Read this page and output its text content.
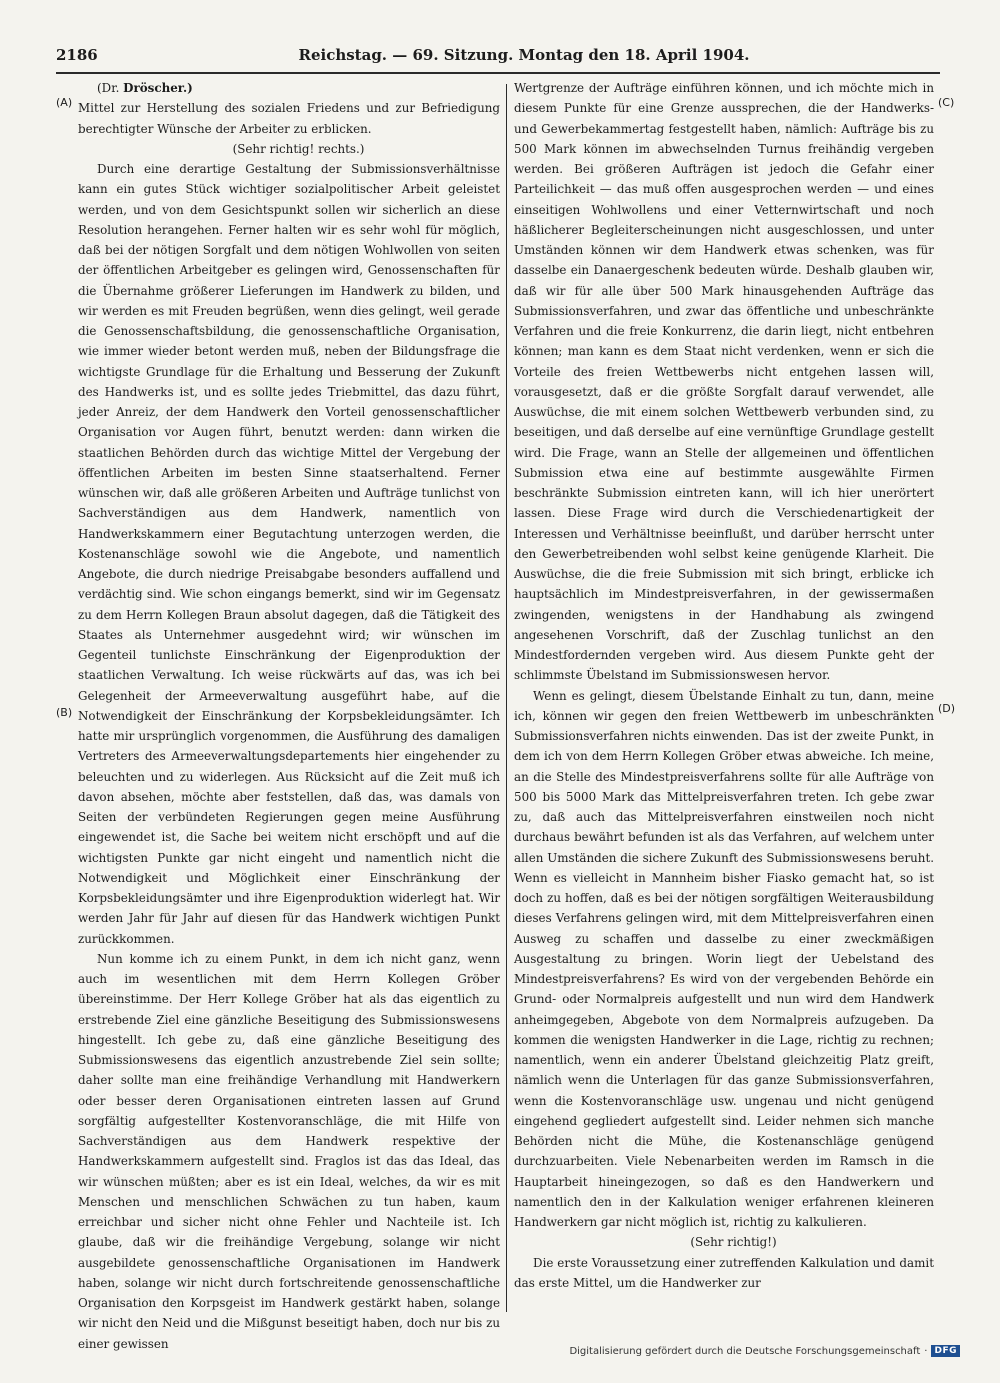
2186	Reichstag. — 69. Sitzung. Montag den 18. April 1904.
(A)
(B)
(C)
(D)

(Dr. Dröscher.)

Mittel zur Herstellung des sozialen Friedens und zur Befriedigung berechtigter Wünsche der Arbeiter zu erblicken.

(Sehr richtig! rechts.)

Durch eine derartige Gestaltung der Submissionsverhältnisse kann ein gutes Stück wichtiger sozialpolitischer Arbeit geleistet werden, und von dem Gesichtspunkt sollen wir sicherlich an diese Resolution herangehen. Ferner halten wir es sehr wohl für möglich, daß bei der nötigen Sorgfalt und dem nötigen Wohlwollen von seiten der öffentlichen Arbeitgeber es gelingen wird, Genossenschaften für die Übernahme größerer Lieferungen im Handwerk zu bilden, und wir werden es mit Freuden begrüßen, wenn dies gelingt, weil gerade die Genossenschaftsbildung, die genossenschaftliche Organisation, wie immer wieder betont werden muß, neben der Bildungsfrage die wichtigste Grundlage für die Erhaltung und Besserung der Zukunft des Handwerks ist, und es sollte jedes Triebmittel, das dazu führt, jeder Anreiz, der dem Handwerk den Vorteil genossenschaftlicher Organisation vor Augen führt, benutzt werden: dann wirken die staatlichen Behörden durch das wichtige Mittel der Vergebung der öffentlichen Arbeiten im besten Sinne staatserhaltend. Ferner wünschen wir, daß alle größeren Arbeiten und Aufträge tunlichst von Sachverständigen aus dem Handwerk, namentlich von Handwerkskammern einer Begutachtung unterzogen werden, die Kostenanschläge sowohl wie die Angebote, und namentlich Angebote, die durch niedrige Preisabgabe besonders auffallend und verdächtig sind. Wie schon eingangs bemerkt, sind wir im Gegensatz zu dem Herrn Kollegen Braun absolut dagegen, daß die Tätigkeit des Staates als Unternehmer ausgedehnt wird; wir wünschen im Gegenteil tunlichste Einschränkung der Eigenproduktion der staatlichen Verwaltung. Ich weise rückwärts auf das, was ich bei Gelegenheit der Armeeverwaltung ausgeführt habe, auf die Notwendigkeit der Einschränkung der Korpsbekleidungsämter. Ich hatte mir ursprünglich vorgenommen, die Ausführung des damaligen Vertreters des Armeeverwaltungsdepartements hier eingehender zu beleuchten und zu widerlegen. Aus Rücksicht auf die Zeit muß ich davon absehen, möchte aber feststellen, daß das, was damals von Seiten der verbündeten Regierungen gegen meine Ausführung eingewendet ist, die Sache bei weitem nicht erschöpft und auf die wichtigsten Punkte gar nicht eingeht und namentlich nicht die Notwendigkeit und Möglichkeit einer Einschränkung der Korpsbekleidungsämter und ihre Eigenproduktion widerlegt hat. Wir werden Jahr für Jahr auf diesen für das Handwerk wichtigen Punkt zurückkommen.

Nun komme ich zu einem Punkt, in dem ich nicht ganz, wenn auch im wesentlichen mit dem Herrn Kollegen Gröber übereinstimme. Der Herr Kollege Gröber hat als das eigentlich zu erstrebende Ziel eine gänzliche Beseitigung des Submissionswesens hingestellt. Ich gebe zu, daß eine gänzliche Beseitigung des Submissionswesens das eigentlich anzustrebende Ziel sein sollte; daher sollte man eine freihändige Verhandlung mit Handwerkern oder besser deren Organisationen eintreten lassen auf Grund sorgfältig aufgestellter Kostenvoranschläge, die mit Hilfe von Sachverständigen aus dem Handwerk respektive der Handwerkskammern aufgestellt sind. Fraglos ist das das Ideal, das wir wünschen müßten; aber es ist ein Ideal, welches, da wir es mit Menschen und menschlichen Schwächen zu tun haben, kaum erreichbar und sicher nicht ohne Fehler und Nachteile ist. Ich glaube, daß wir die freihändige Vergebung, solange wir nicht ausgebildete genossenschaftliche Organisationen im Handwerk haben, solange wir nicht durch fortschreitende genossenschaftliche Organisation den Korpsgeist im Handwerk gestärkt haben, solange wir nicht den Neid und die Mißgunst beseitigt haben, doch nur bis zu einer gewissen

Wertgrenze der Aufträge einführen können, und ich möchte mich in diesem Punkte für eine Grenze aussprechen, die der Handwerks- und Gewerbekammertag festgestellt haben, nämlich: Aufträge bis zu 500 Mark können im abwechselnden Turnus freihändig vergeben werden. Bei größeren Aufträgen ist jedoch die Gefahr einer Parteilichkeit — das muß offen ausgesprochen werden — und eines einseitigen Wohlwollens und einer Vetternwirtschaft und noch häßlicherer Begleiterscheinungen nicht ausgeschlossen, und unter Umständen können wir dem Handwerk etwas schenken, was für dasselbe ein Danaergeschenk bedeuten würde. Deshalb glauben wir, daß wir für alle über 500 Mark hinausgehenden Aufträge das Submissionsverfahren, und zwar das öffentliche und unbeschränkte Verfahren und die freie Konkurrenz, die darin liegt, nicht entbehren können; man kann es dem Staat nicht verdenken, wenn er sich die Vorteile des freien Wettbewerbs nicht entgehen lassen will, vorausgesetzt, daß er die größte Sorgfalt darauf verwendet, alle Auswüchse, die mit einem solchen Wettbewerb verbunden sind, zu beseitigen, und daß derselbe auf eine vernünftige Grundlage gestellt wird. Die Frage, wann an Stelle der allgemeinen und öffentlichen Submission etwa eine auf bestimmte ausgewählte Firmen beschränkte Submission eintreten kann, will ich hier unerörtert lassen. Diese Frage wird durch die Verschiedenartigkeit der Interessen und Verhältnisse beeinflußt, und darüber herrscht unter den Gewerbetreibenden wohl selbst keine genügende Klarheit. Die Auswüchse, die die freie Submission mit sich bringt, erblicke ich hauptsächlich im Mindestpreisverfahren, in der gewissermaßen zwingenden, wenigstens in der Handhabung als zwingend angesehenen Vorschrift, daß der Zuschlag tunlichst an den Mindestfordernden vergeben wird. Aus diesem Punkte geht der schlimmste Übelstand im Submissionswesen hervor.

Wenn es gelingt, diesem Übelstande Einhalt zu tun, dann, meine ich, können wir gegen den freien Wettbewerb im unbeschränkten Submissionsverfahren nichts einwenden. Das ist der zweite Punkt, in dem ich von dem Herrn Kollegen Gröber etwas abweiche. Ich meine, an die Stelle des Mindestpreisverfahrens sollte für alle Aufträge von 500 bis 5000 Mark das Mittelpreisverfahren treten. Ich gebe zwar zu, daß auch das Mittelpreisverfahren einstweilen noch nicht durchaus bewährt befunden ist als das Verfahren, auf welchem unter allen Umständen die sichere Zukunft des Submissionswesens beruht. Wenn es vielleicht in Mannheim bisher Fiasko gemacht hat, so ist doch zu hoffen, daß es bei der nötigen sorgfältigen Weiterausbildung dieses Verfahrens gelingen wird, mit dem Mittelpreisverfahren einen Ausweg zu schaffen und dasselbe zu einer zweckmäßigen Ausgestaltung zu bringen. Worin liegt der Uebelstand des Mindestpreisverfahrens? Es wird von der vergebenden Behörde ein Grund- oder Normalpreis aufgestellt und nun wird dem Handwerk anheimgegeben, Abgebote von dem Normalpreis aufzugeben. Da kommen die wenigsten Handwerker in die Lage, richtig zu rechnen; namentlich, wenn ein anderer Übelstand gleichzeitig Platz greift, nämlich wenn die Unterlagen für das ganze Submissionsverfahren, wenn die Kostenvoranschläge usw. ungenau und nicht genügend eingehend gegliedert aufgestellt sind. Leider nehmen sich manche Behörden nicht die Mühe, die Kostenanschläge genügend durchzuarbeiten. Viele Nebenarbeiten werden im Ramsch in die Hauptarbeit hineingezogen, so daß es den Handwerkern und namentlich den in der Kalkulation weniger erfahrenen kleineren Handwerkern gar nicht möglich ist, richtig zu kalkulieren.

(Sehr richtig!)

Die erste Voraussetzung einer zutreffenden Kalkulation und damit das erste Mittel, um die Handwerker zur

Digitalisierung gefördert durch die Deutsche Forschungsgemeinschaft · DFG
